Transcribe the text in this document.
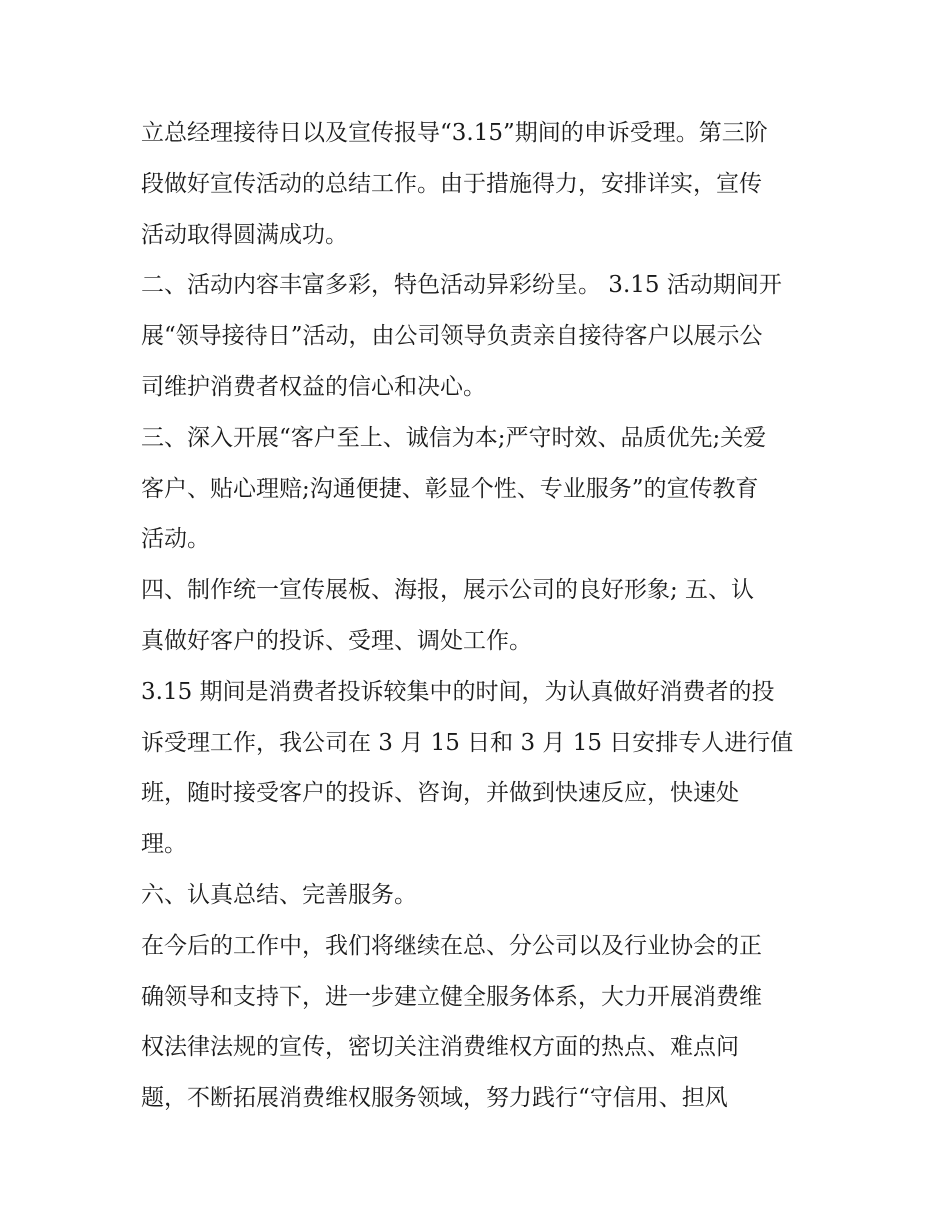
立总经理接待日以及宣传报导“3.15”期间的申诉受理。第三阶
段做好宣传活动的总结工作。由于措施得力，安排详实，宣传
活动取得圆满成功。

二、活动内容丰富多彩，特色活动异彩纷呈。 3.15 活动期间开
展“领导接待日”活动，由公司领导负责亲自接待客户以展示公
司维护消费者权益的信心和决心。

三、深入开展“客户至上、诚信为本;严守时效、品质优先;关爱
客户、贴心理赔;沟通便捷、彰显个性、专业服务”的宣传教育
活动。

四、制作统一宣传展板、海报，展示公司的良好形象; 五、认
真做好客户的投诉、受理、调处工作。

3.15 期间是消费者投诉较集中的时间，为认真做好消费者的投
诉受理工作，我公司在 3 月 15 日和 3 月 15 日安排专人进行值
班，随时接受客户的投诉、咨询，并做到快速反应，快速处
理。

六、认真总结、完善服务。

在今后的工作中，我们将继续在总、分公司以及行业协会的正
确领导和支持下，进一步建立健全服务体系，大力开展消费维
权法律法规的宣传，密切关注消费维权方面的热点、难点问
题，不断拓展消费维权服务领域，努力践行“守信用、担风
